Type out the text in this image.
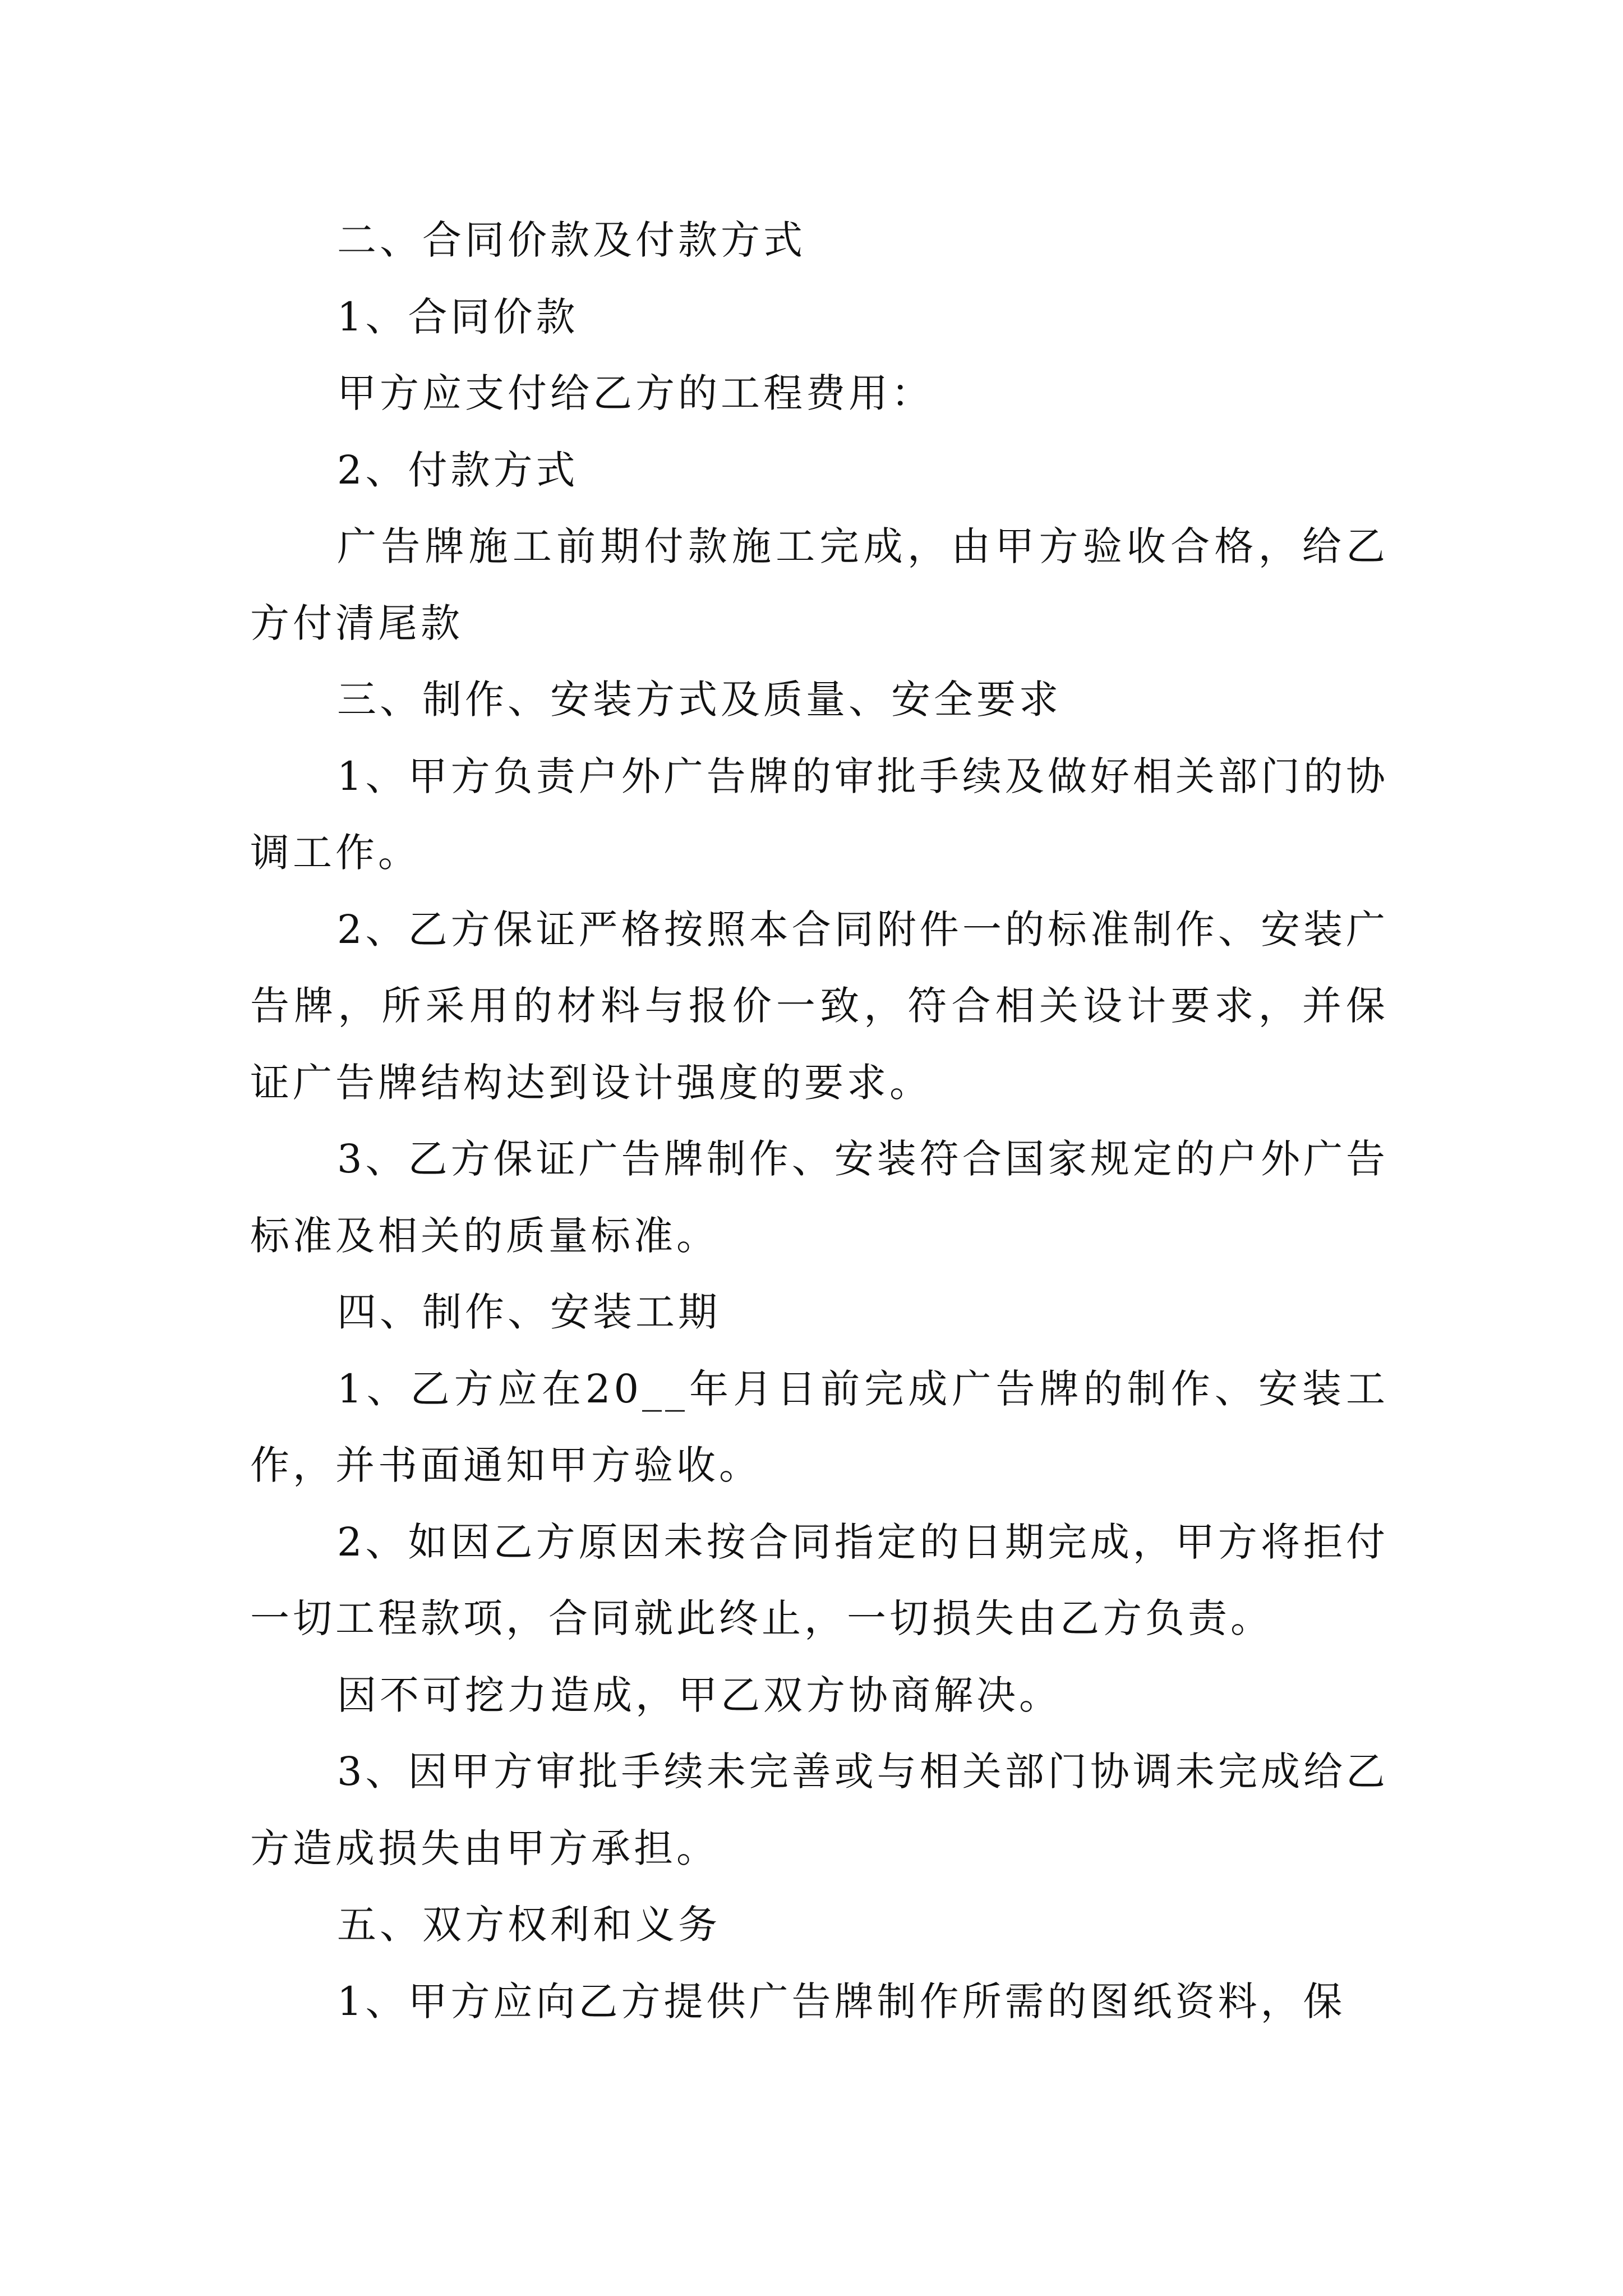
二、合同价款及付款方式

1、合同价款

甲方应支付给乙方的工程费用：

2、付款方式

广告牌施工前期付款施工完成，由甲方验收合格，给乙方付清尾款

三、制作、安装方式及质量、安全要求

1、甲方负责户外广告牌的审批手续及做好相关部门的协调工作。

2、乙方保证严格按照本合同附件一的标准制作、安装广告牌，所采用的材料与报价一致，符合相关设计要求，并保证广告牌结构达到设计强度的要求。

3、乙方保证广告牌制作、安装符合国家规定的户外广告标准及相关的质量标准。

四、制作、安装工期

1、乙方应在20__年月日前完成广告牌的制作、安装工作，并书面通知甲方验收。

2、如因乙方原因未按合同指定的日期完成，甲方将拒付一切工程款项，合同就此终止，一切损失由乙方负责。

因不可挖力造成，甲乙双方协商解决。

3、因甲方审批手续未完善或与相关部门协调未完成给乙方造成损失由甲方承担。

五、双方权利和义务

1、甲方应向乙方提供广告牌制作所需的图纸资料，保
